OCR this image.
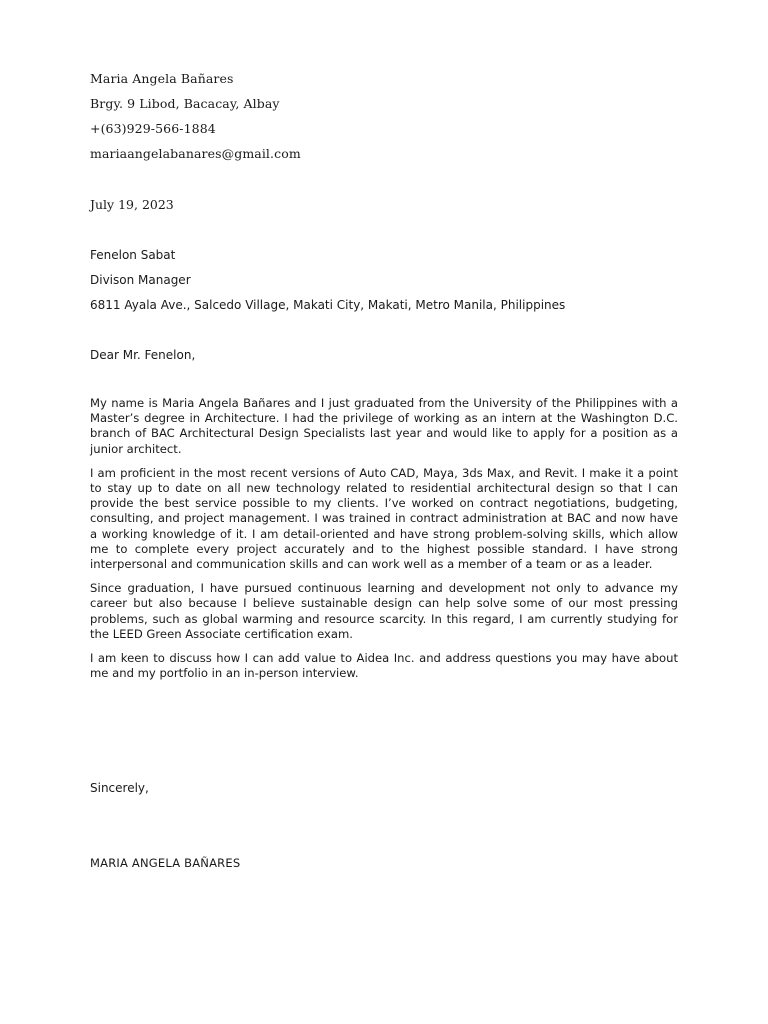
Maria Angela Bañares
Brgy. 9 Libod, Bacacay, Albay
+(63)929-566-1884
mariaangelabanares@gmail.com
July 19, 2023
Fenelon Sabat
Divison Manager
6811 Ayala Ave., Salcedo Village, Makati City, Makati, Metro Manila, Philippines
Dear Mr. Fenelon,

My name is Maria Angela Bañares and I just graduated from the University of the Philippines with a Master’s degree in Architecture. I had the privilege of working as an intern at the Washington D.C. branch of BAC Architectural Design Specialists last year and would like to apply for a position as a junior architect.

I am proficient in the most recent versions of Auto CAD, Maya, 3ds Max, and Revit. I make it a point to stay up to date on all new technology related to residential architectural design so that I can provide the best service possible to my clients. I’ve worked on contract negotiations, budgeting, consulting, and project management. I was trained in contract administration at BAC and now have a working knowledge of it. I am detail-oriented and have strong problem-solving skills, which allow me to complete every project accurately and to the highest possible standard. I have strong interpersonal and communication skills and can work well as a member of a team or as a leader.

Since graduation, I have pursued continuous learning and development not only to advance my career but also because I believe sustainable design can help solve some of our most pressing problems, such as global warming and resource scarcity. In this regard, I am currently studying for the LEED Green Associate certification exam.

I am keen to discuss how I can add value to Aidea Inc. and address questions you may have about me and my portfolio in an in-person interview.

Sincerely,
MARIA ANGELA BAÑARES
